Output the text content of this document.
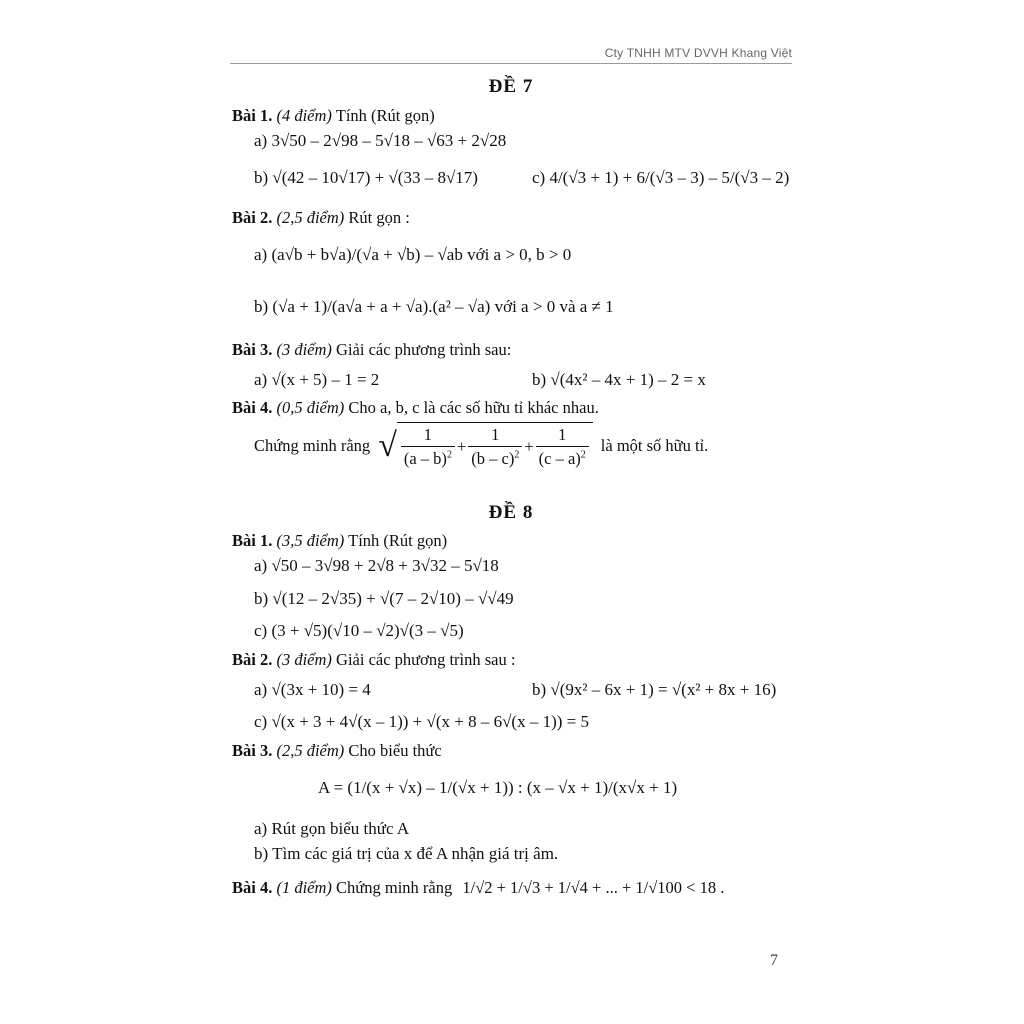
Cty TNHH MTV DVVH Khang Việt
ĐỀ 7
Bài 1. (4 điểm) Tính (Rút gọn)
a) 3√50 – 2√98 – 5√18 – √63 + 2√28
b) √(42 – 10√17) + √(33 – 8√17)	c) 4/(√3 + 1) + 6/(√3 – 3) – 5/(√3 – 2)
Bài 2. (2,5 điểm) Rút gọn :
a) (a√b + b√a)/(√a + √b) – √ab với a > 0, b > 0
b) (√a + 1)/(a√a + a + √a).(a² – √a) với a > 0 và a ≠ 1
Bài 3. (3 điểm) Giải các phương trình sau:
a) √(x + 5) – 1 = 2	b) √(4x² – 4x + 1) – 2 = x
Bài 4. (0,5 điểm) Cho a, b, c là các số hữu tỉ khác nhau.
Chứng minh rằng √ $\frac{1}{(a - b)^2} + \frac{1}{(b - c)^2} + \frac{1}{(c - a)^2}$ là một số hữu tỉ.
ĐỀ 8
Bài 1. (3,5 điểm) Tính (Rút gọn)
a) √50 – 3√98 + 2√8 + 3√32 – 5√18
b) √(12 – 2√35) + √(7 – 2√10) – √√49
c) (3 + √5)(√10 – √2)√(3 – √5)
Bài 2. (3 điểm) Giải các phương trình sau :
a) √(3x + 10) = 4	b) √(9x² – 6x + 1) = √(x² + 8x + 16)
c) √(x + 3 + 4√(x – 1)) + √(x + 8 – 6√(x – 1)) = 5
Bài 3. (2,5 điểm) Cho biểu thức
A = (1/(x + √x) – 1/(√x + 1)) : (x – √x + 1)/(x√x + 1)
a) Rút gọn biểu thức A
b) Tìm các giá trị của x để A nhận giá trị âm.
Bài 4. (1 điểm) Chứng minh rằng 1/√2 + 1/√3 + 1/√4 + ... + 1/√100 < 18 .
7
